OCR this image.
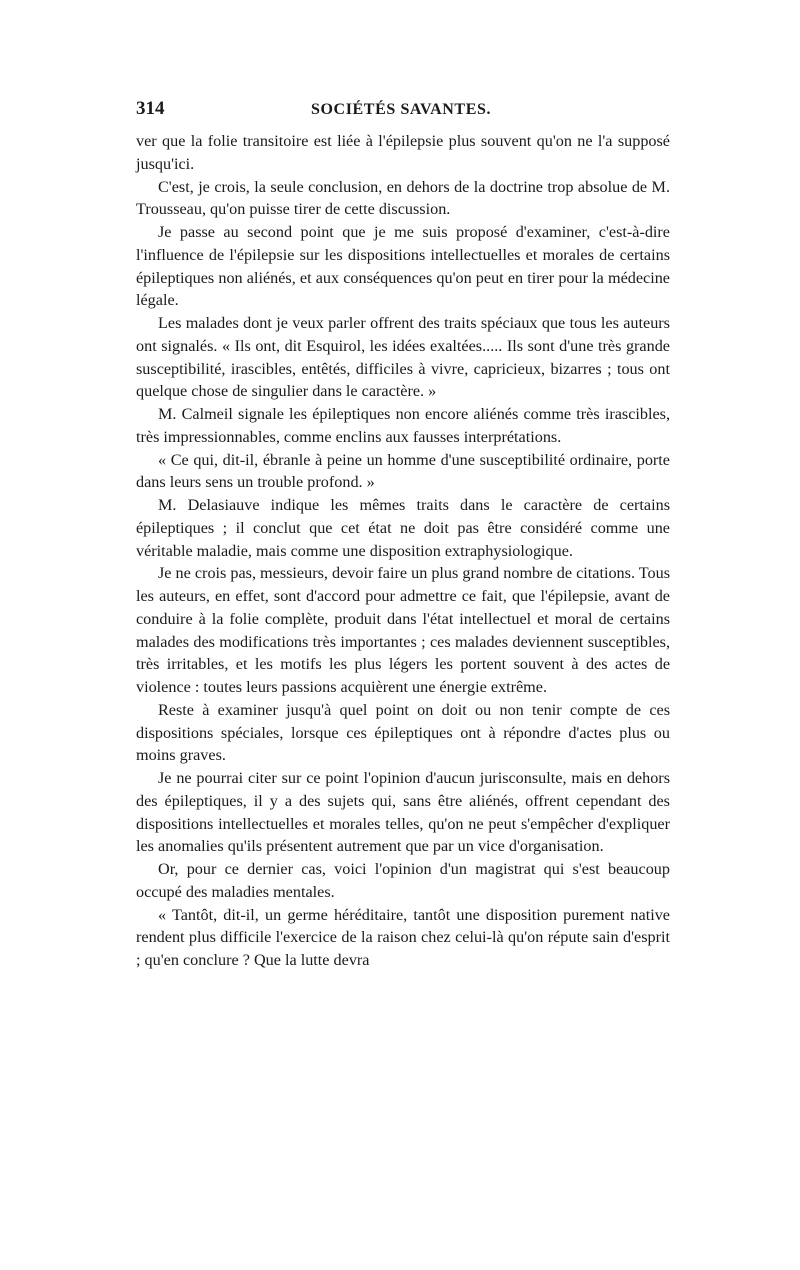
314	SOCIÉTÉS SAVANTES.

ver que la folie transitoire est liée à l'épilepsie plus souvent qu'on ne l'a supposé jusqu'ici.

C'est, je crois, la seule conclusion, en dehors de la doctrine trop absolue de M. Trousseau, qu'on puisse tirer de cette discussion.

Je passe au second point que je me suis proposé d'examiner, c'est-à-dire l'influence de l'épilepsie sur les dispositions intellectuelles et morales de certains épileptiques non aliénés, et aux conséquences qu'on peut en tirer pour la médecine légale.

Les malades dont je veux parler offrent des traits spéciaux que tous les auteurs ont signalés. « Ils ont, dit Esquirol, les idées exaltées..... Ils sont d'une très grande susceptibilité, irascibles, entêtés, difficiles à vivre, capricieux, bizarres ; tous ont quelque chose de singulier dans le caractère. »

M. Calmeil signale les épileptiques non encore aliénés comme très irascibles, très impressionnables, comme enclins aux fausses interprétations.

« Ce qui, dit-il, ébranle à peine un homme d'une susceptibilité ordinaire, porte dans leurs sens un trouble profond. »

M. Delasiauve indique les mêmes traits dans le caractère de certains épileptiques ; il conclut que cet état ne doit pas être considéré comme une véritable maladie, mais comme une disposition extraphysiologique.

Je ne crois pas, messieurs, devoir faire un plus grand nombre de citations. Tous les auteurs, en effet, sont d'accord pour admettre ce fait, que l'épilepsie, avant de conduire à la folie complète, produit dans l'état intellectuel et moral de certains malades des modifications très importantes ; ces malades deviennent susceptibles, très irritables, et les motifs les plus légers les portent souvent à des actes de violence : toutes leurs passions acquièrent une énergie extrême.

Reste à examiner jusqu'à quel point on doit ou non tenir compte de ces dispositions spéciales, lorsque ces épileptiques ont à répondre d'actes plus ou moins graves.

Je ne pourrai citer sur ce point l'opinion d'aucun jurisconsulte, mais en dehors des épileptiques, il y a des sujets qui, sans être aliénés, offrent cependant des dispositions intellectuelles et morales telles, qu'on ne peut s'empêcher d'expliquer les anomalies qu'ils présentent autrement que par un vice d'organisation.

Or, pour ce dernier cas, voici l'opinion d'un magistrat qui s'est beaucoup occupé des maladies mentales.

« Tantôt, dit-il, un germe héréditaire, tantôt une disposition purement native rendent plus difficile l'exercice de la raison chez celui-là qu'on répute sain d'esprit ; qu'en conclure ? Que la lutte devra
